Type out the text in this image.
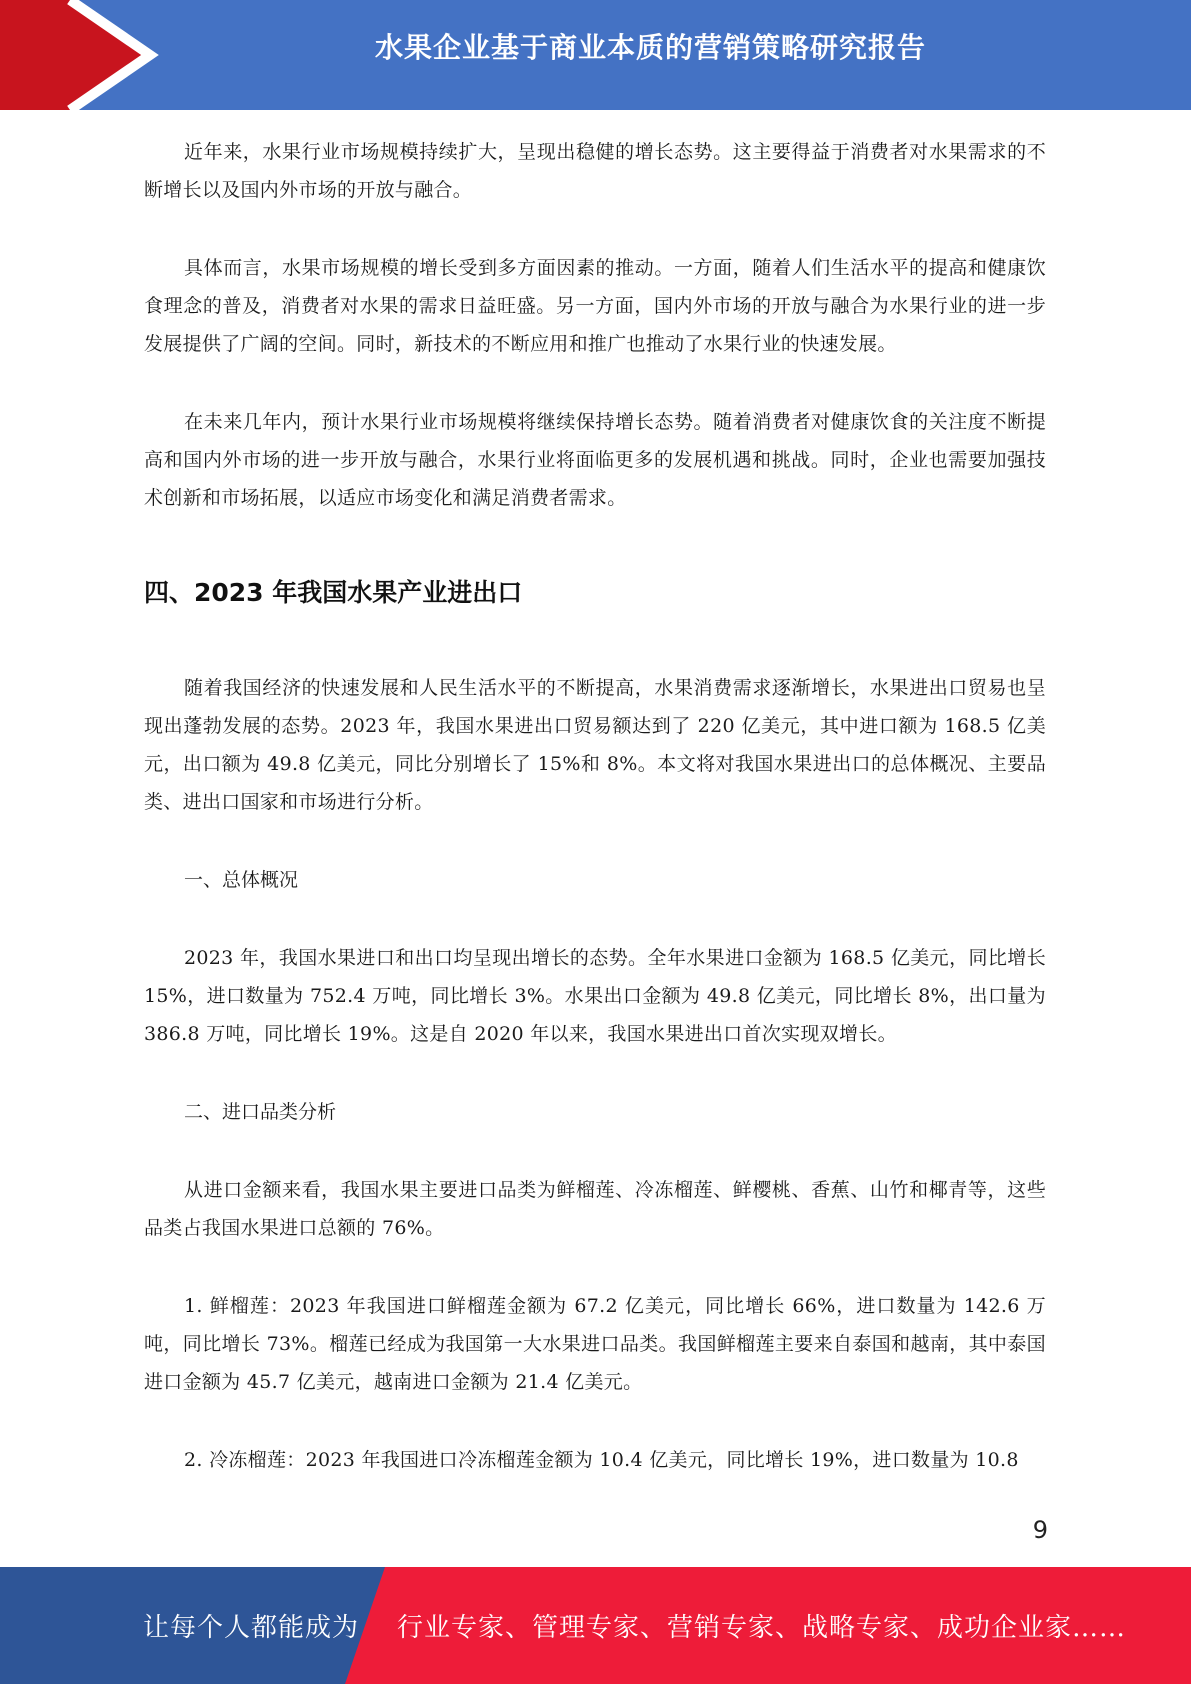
水果企业基于商业本质的营销策略研究报告

近年来，水果行业市场规模持续扩大，呈现出稳健的增长态势。这主要得益于消费者对水果需求的不断增长以及国内外市场的开放与融合。

具体而言，水果市场规模的增长受到多方面因素的推动。一方面，随着人们生活水平的提高和健康饮食理念的普及，消费者对水果的需求日益旺盛。另一方面，国内外市场的开放与融合为水果行业的进一步发展提供了广阔的空间。同时，新技术的不断应用和推广也推动了水果行业的快速发展。

在未来几年内，预计水果行业市场规模将继续保持增长态势。随着消费者对健康饮食的关注度不断提高和国内外市场的进一步开放与融合，水果行业将面临更多的发展机遇和挑战。同时，企业也需要加强技术创新和市场拓展，以适应市场变化和满足消费者需求。

四、2023 年我国水果产业进出口

随着我国经济的快速发展和人民生活水平的不断提高，水果消费需求逐渐增长，水果进出口贸易也呈现出蓬勃发展的态势。2023 年，我国水果进出口贸易额达到了 220 亿美元，其中进口额为 168.5 亿美元，出口额为 49.8 亿美元，同比分别增长了 15%和 8%。本文将对我国水果进出口的总体概况、主要品类、进出口国家和市场进行分析。

一、总体概况

2023 年，我国水果进口和出口均呈现出增长的态势。全年水果进口金额为 168.5 亿美元，同比增长 15%，进口数量为 752.4 万吨，同比增长 3%。水果出口金额为 49.8 亿美元，同比增长 8%，出口量为 386.8 万吨，同比增长 19%。这是自 2020 年以来，我国水果进出口首次实现双增长。

二、进口品类分析

从进口金额来看，我国水果主要进口品类为鲜榴莲、冷冻榴莲、鲜樱桃、香蕉、山竹和椰青等，这些品类占我国水果进口总额的 76%。

1. 鲜榴莲：2023 年我国进口鲜榴莲金额为 67.2 亿美元，同比增长 66%，进口数量为 142.6 万吨，同比增长 73%。榴莲已经成为我国第一大水果进口品类。我国鲜榴莲主要来自泰国和越南，其中泰国进口金额为 45.7 亿美元，越南进口金额为 21.4 亿美元。

2. 冷冻榴莲：2023 年我国进口冷冻榴莲金额为 10.4 亿美元，同比增长 19%，进口数量为 10.8

9
让每个人都能成为 行业专家、管理专家、营销专家、战略专家、成功企业家……
